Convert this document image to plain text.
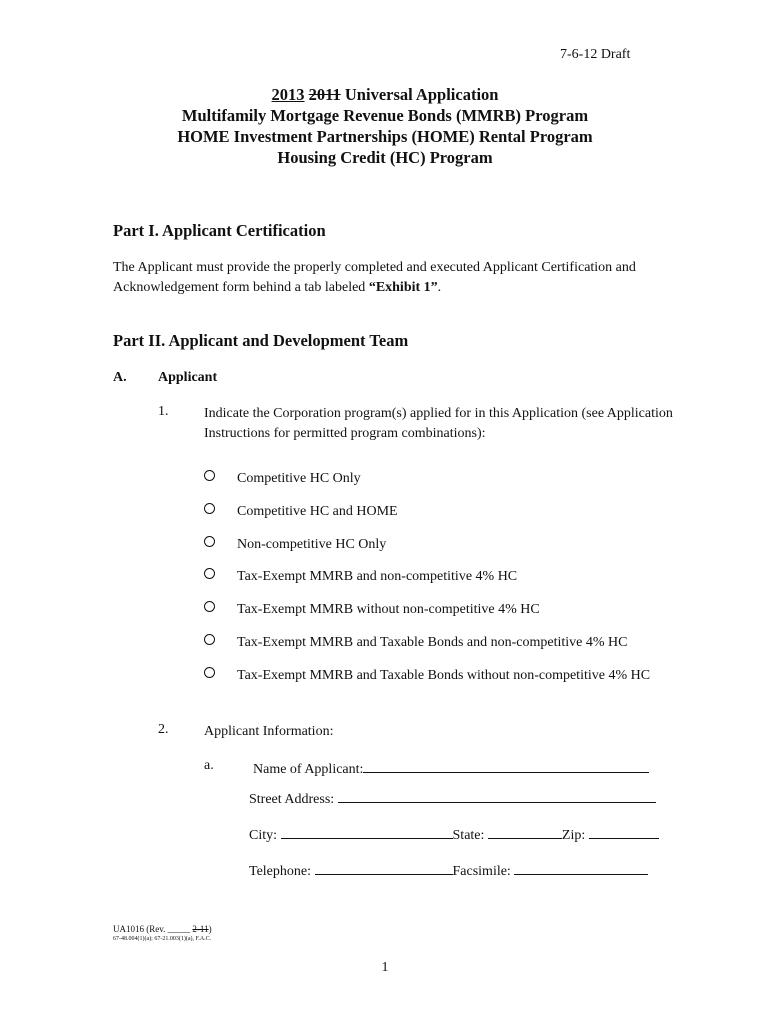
7-6-12 Draft
2013 2011 Universal Application
Multifamily Mortgage Revenue Bonds (MMRB) Program
HOME Investment Partnerships (HOME) Rental Program
Housing Credit (HC) Program
Part I. Applicant Certification
The Applicant must provide the properly completed and executed Applicant Certification and Acknowledgement form behind a tab labeled “Exhibit 1”.
Part II. Applicant and Development Team
A. Applicant
1.	Indicate the Corporation program(s) applied for in this Application (see Application Instructions for permitted program combinations):
Competitive HC Only
Competitive HC and HOME
Non-competitive HC Only
Tax-Exempt MMRB and non-competitive 4% HC
Tax-Exempt MMRB without non-competitive 4% HC
Tax-Exempt MMRB and Taxable Bonds and non-competitive 4% HC
Tax-Exempt MMRB and Taxable Bonds without non-competitive 4% HC
2.	Applicant Information:
a.	Name of Applicant:
Street Address:
City:	State:	Zip:
Telephone:	Facsimile:
UA1016 (Rev. _____ 2-11)
67-48.004(1)(a); 67-21.003(1)(a), F.A.C.
1
